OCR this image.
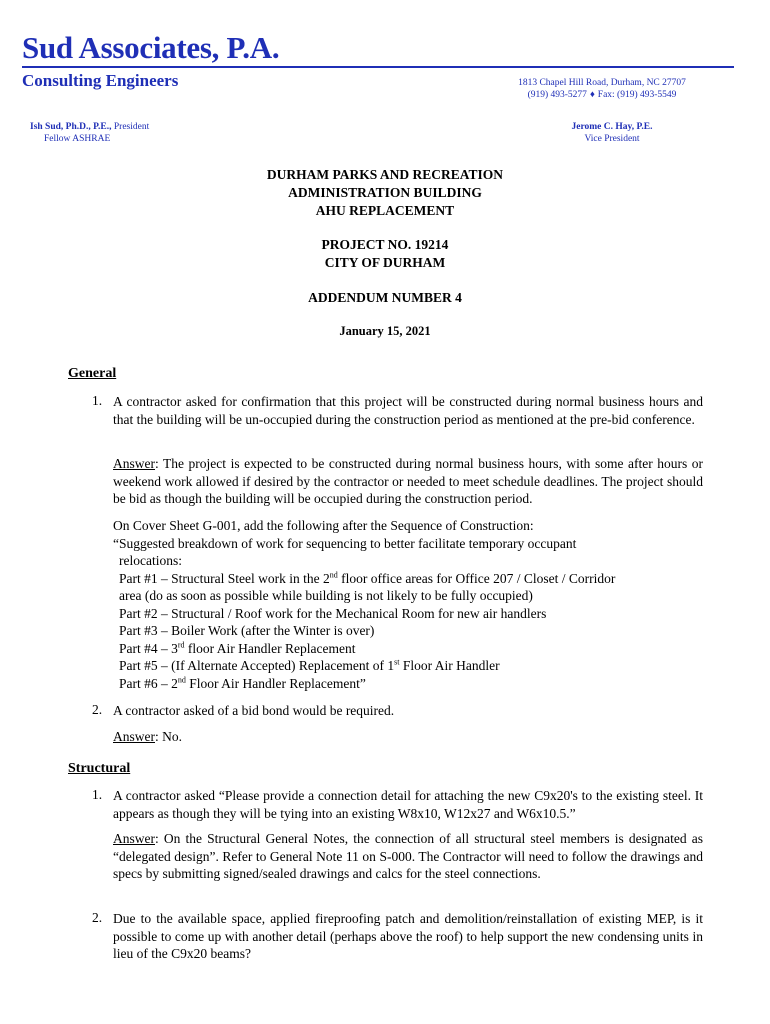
Sud Associates, P.A.
Consulting Engineers	1813 Chapel Hill Road, Durham, NC 27707
(919) 493-5277 ♦ Fax: (919) 493-5549
Ish Sud, Ph.D., P.E., President
Fellow ASHRAE
Jerome C. Hay, P.E.
Vice President
DURHAM PARKS AND RECREATION
ADMINISTRATION BUILDING
AHU REPLACEMENT
PROJECT NO. 19214
CITY OF DURHAM
ADDENDUM NUMBER 4
January 15, 2021
General
1. A contractor asked for confirmation that this project will be constructed during normal business hours and that the building will be un-occupied during the construction period as mentioned at the pre-bid conference.
Answer: The project is expected to be constructed during normal business hours, with some after hours or weekend work allowed if desired by the contractor or needed to meet schedule deadlines. The project should be bid as though the building will be occupied during the construction period.
On Cover Sheet G-001, add the following after the Sequence of Construction:
“Suggested breakdown of work for sequencing to better facilitate temporary occupant
relocations:
Part #1 – Structural Steel work in the 2nd floor office areas for Office 207 / Closet / Corridor
area (do as soon as possible while building is not likely to be fully occupied)
Part #2 – Structural / Roof work for the Mechanical Room for new air handlers
Part #3 – Boiler Work (after the Winter is over)
Part #4 – 3rd floor Air Handler Replacement
Part #5 – (If Alternate Accepted) Replacement of 1st Floor Air Handler
Part #6 – 2nd Floor Air Handler Replacement”
2. A contractor asked of a bid bond would be required.
Answer: No.
Structural
1. A contractor asked “Please provide a connection detail for attaching the new C9x20's to the existing steel. It appears as though they will be tying into an existing W8x10, W12x27 and W6x10.5.”
Answer: On the Structural General Notes, the connection of all structural steel members is designated as “delegated design”. Refer to General Note 11 on S-000. The Contractor will need to follow the drawings and specs by submitting signed/sealed drawings and calcs for the steel connections.
2. Due to the available space, applied fireproofing patch and demolition/reinstallation of existing MEP, is it possible to come up with another detail (perhaps above the roof) to help support the new condensing units in lieu of the C9x20 beams?
